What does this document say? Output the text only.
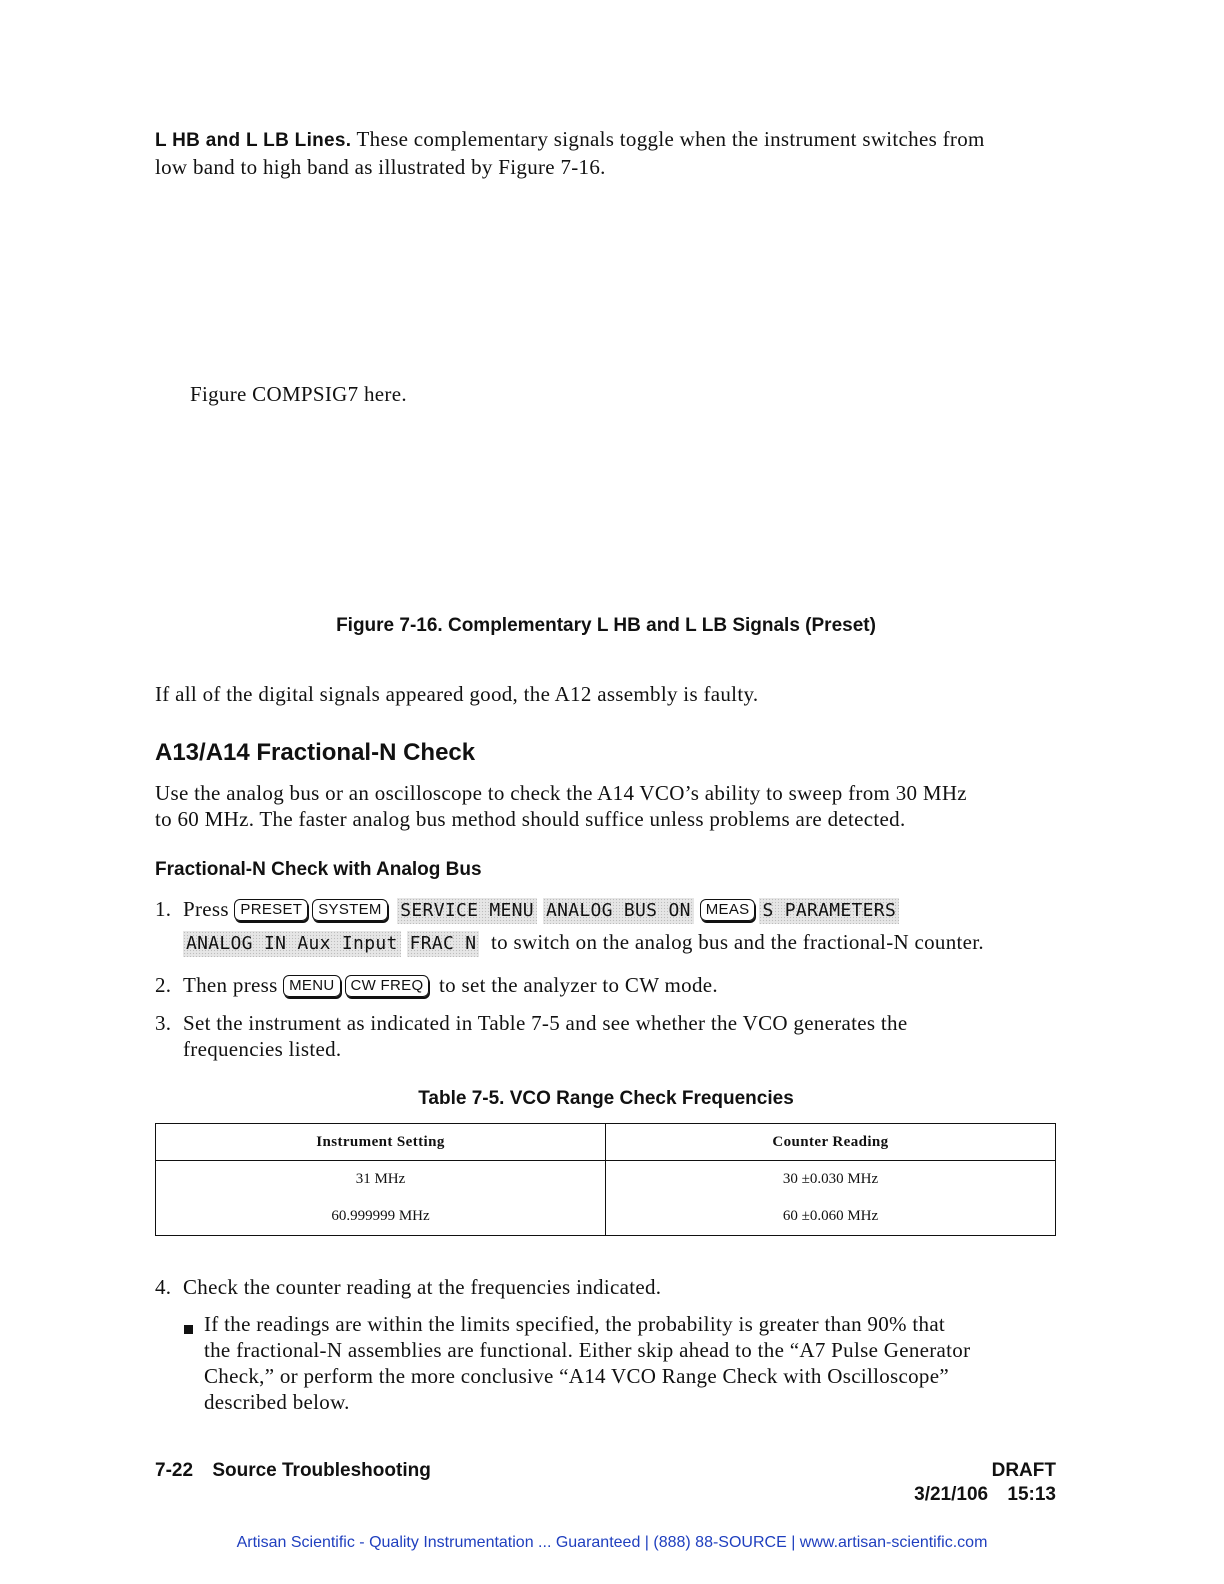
L HB and L LB Lines. These complementary signals toggle when the instrument switches from
low band to high band as illustrated by Figure 7-16.
Figure COMPSIG7 here.
Figure 7-16. Complementary L HB and L LB Signals (Preset)
If all of the digital signals appeared good, the A12 assembly is faulty.
A13/A14 Fractional-N Check
Use the analog bus or an oscilloscope to check the A14 VCO’s ability to sweep from 30 MHz
to 60 MHz. The faster analog bus method should suffice unless problems are detected.
Fractional-N Check with Analog Bus
1. Press PRESET SYSTEM SERVICE MENU ANALOG BUS ON MEAS S PARAMETERS
ANALOG IN Aux Input FRAC N to switch on the analog bus and the fractional-N counter.
2. Then press MENU CW FREQ to set the analyzer to CW mode.
3. Set the instrument as indicated in Table 7-5 and see whether the VCO generates the
frequencies listed.
Table 7-5. VCO Range Check Frequencies
Instrument Setting	Counter Reading
31 MHz	30 ±0.030 MHz
60.999999 MHz	60 ±0.060 MHz
4. Check the counter reading at the frequencies indicated.
If the readings are within the limits specified, the probability is greater than 90% that
the fractional-N assemblies are functional. Either skip ahead to the “A7 Pulse Generator
Check,” or perform the more conclusive “A14 VCO Range Check with Oscilloscope”
described below.
7-22 Source Troubleshooting	DRAFT
3/21/106 15:13
Artisan Scientific - Quality Instrumentation ... Guaranteed | (888) 88-SOURCE | www.artisan-scientific.com
